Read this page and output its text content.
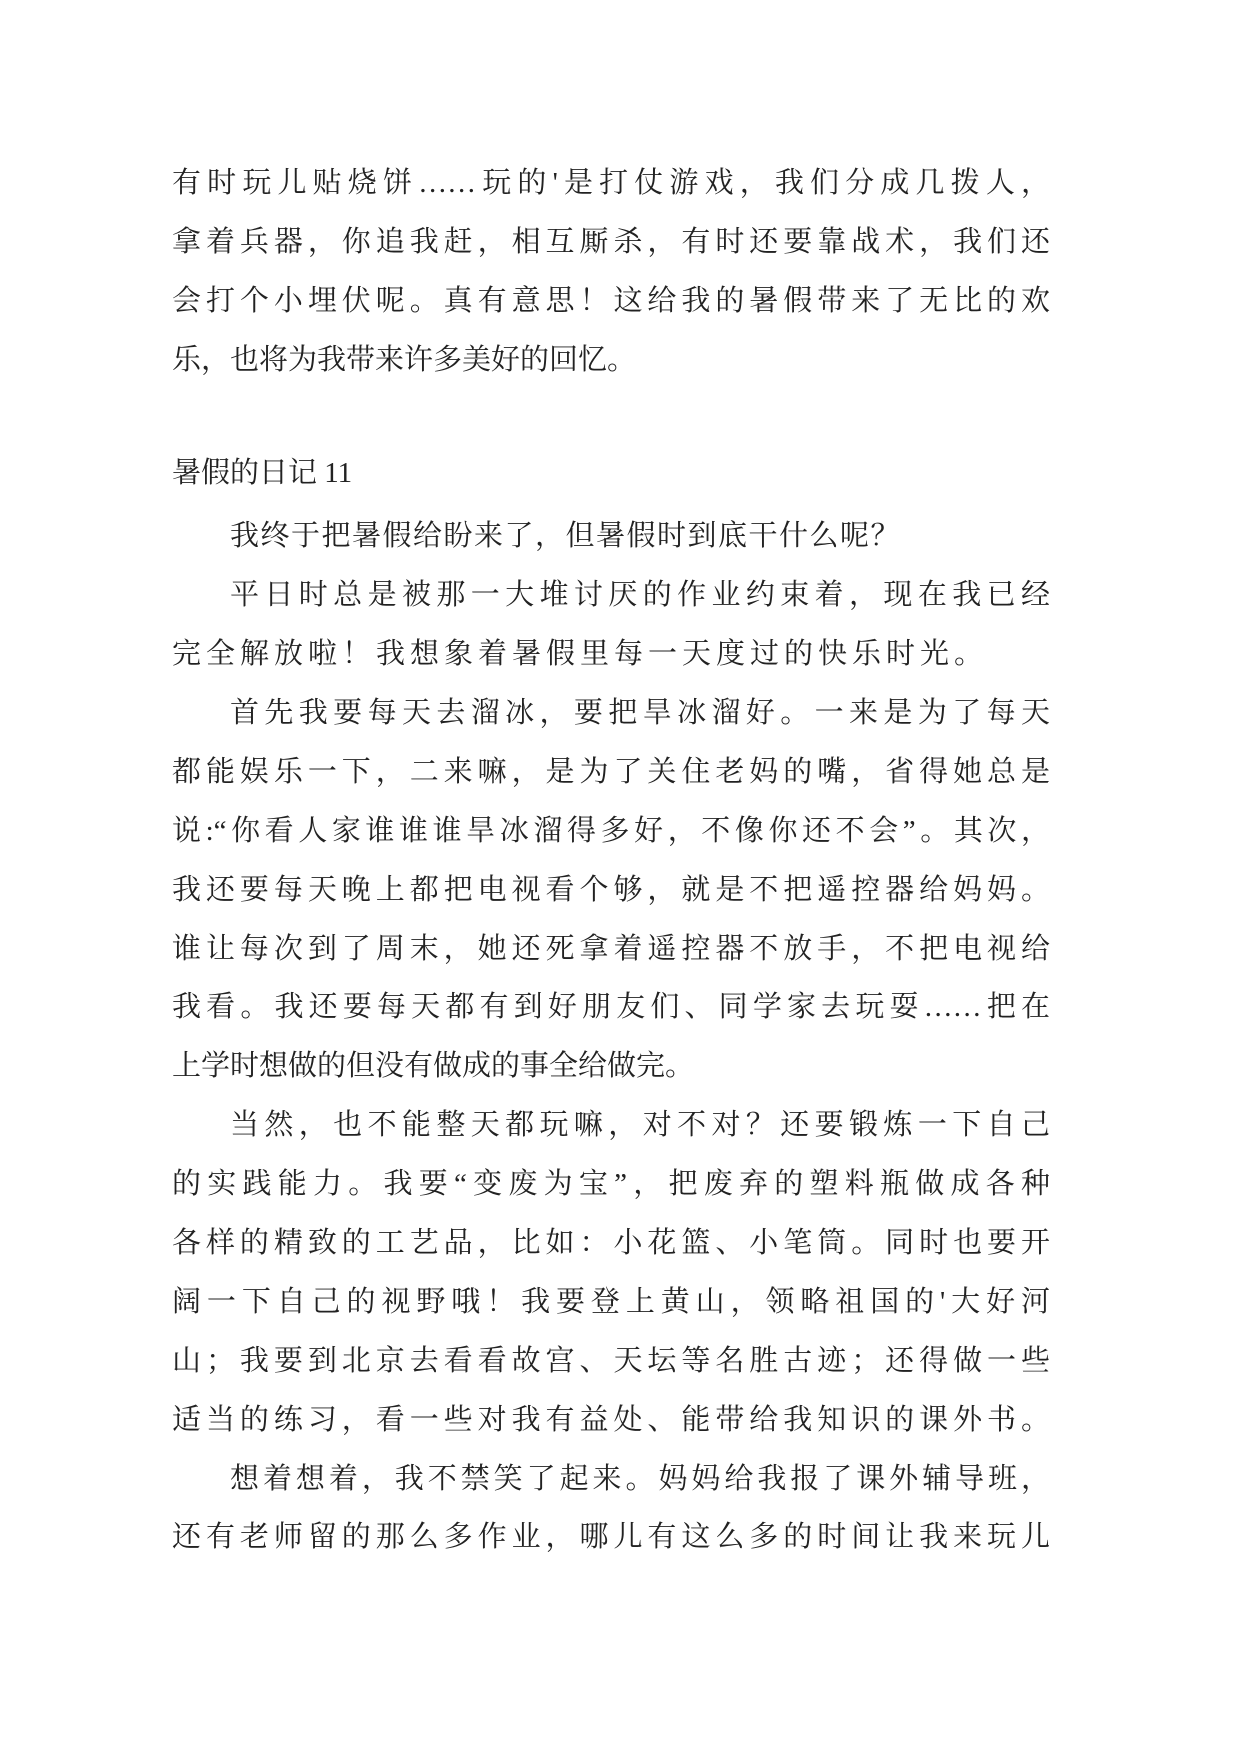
有时玩儿贴烧饼……玩的'是打仗游戏，我们分成几拨人，
拿着兵器，你追我赶，相互厮杀，有时还要靠战术，我们还
会打个小埋伏呢。真有意思！这给我的暑假带来了无比的欢
乐，也将为我带来许多美好的回忆。
暑假的日记 11
我终于把暑假给盼来了，但暑假时到底干什么呢？
平日时总是被那一大堆讨厌的作业约束着，现在我已经
完全解放啦！我想象着暑假里每一天度过的快乐时光。
首先我要每天去溜冰，要把旱冰溜好。一来是为了每天
都能娱乐一下，二来嘛，是为了关住老妈的嘴，省得她总是
说:“你看人家谁谁谁旱冰溜得多好，不像你还不会”。其次，
我还要每天晚上都把电视看个够，就是不把遥控器给妈妈。
谁让每次到了周末，她还死拿着遥控器不放手，不把电视给
我看。我还要每天都有到好朋友们、同学家去玩耍……把在
上学时想做的但没有做成的事全给做完。
当然，也不能整天都玩嘛，对不对？还要锻炼一下自己
的实践能力。我要“变废为宝”，把废弃的塑料瓶做成各种
各样的精致的工艺品，比如：小花篮、小笔筒。同时也要开
阔一下自己的视野哦！我要登上黄山，领略祖国的'大好河
山；我要到北京去看看故宫、天坛等名胜古迹；还得做一些
适当的练习，看一些对我有益处、能带给我知识的课外书。
想着想着，我不禁笑了起来。妈妈给我报了课外辅导班，
还有老师留的那么多作业，哪儿有这么多的时间让我来玩儿
